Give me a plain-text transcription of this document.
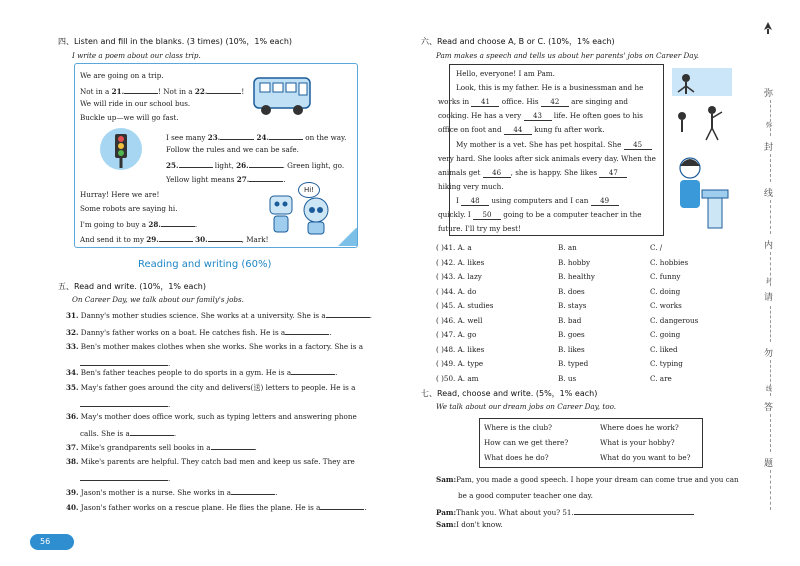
四、Listen and fill in the blanks. (3 times) (10%，1% each)
I write a poem about our class trip.
We are going on a trip.
Not in a 21.	! Not in a 22.	!
We will ride in our school bus.
Buckle up—we will go fast.
I see many 23.	24.	on the way.
Follow the rules and we can be safe.
25.	light, 26.	. Green light, go.
Yellow light means 27.	.
Hurray! Here we are!
Some robots are saying hi.
I'm going to buy a 28.	.
And send it to my 29.	30.	, Mark!
Hi!
Reading and writing (60%)
五、Read and write. (10%，1% each)
On Career Day, we talk about our family's jobs.
31. Danny's mother studies science. She works at a university. She is a	.
32. Danny's father works on a boat. He catches fish. He is a	.
33. Ben's mother makes clothes when she works. She works in a factory. She is a
.
34. Ben's father teaches people to do sports in a gym. He is a	.
35. May's father goes around the city and delivers(送) letters to people. He is a
.
36. May's mother does office work, such as typing letters and answering phone
calls. She is a	.
37. Mike's grandparents sell books in a	.
38. Mike's parents are helpful. They catch bad men and keep us safe. They are
.
39. Jason's mother is a nurse. She works in a	.
40. Jason's father works on a rescue plane. He flies the plane. He is a	.
56
六、Read and choose A, B or C. (10%，1% each)
Pam makes a speech and tells us about her parents' jobs on Career Day.
Hello, everyone! I am Pam.
Look, this is my father. He is a businessman and he
works in 41 office. His 42 are singing and
cooking. He has a very 43 life. He often goes to his
office on foot and 44 kung fu after work.
My mother is a vet. She has pet hospital. She 45
very hard. She looks after sick animals every day. When the
animals get 46 , she is happy. She likes 47
hiking very much.
I 48 using computers and I can 49
quickly. I 50 going to be a computer teacher in the
future. I'll try my best!
( )41. A. a	B. an	C. /
( )42. A. likes	B. hobby	C. hobbies
( )43. A. lazy	B. healthy	C. funny
( )44. A. do	B. does	C. doing
( )45. A. studies	B. stays	C. works
( )46. A. well	B. bad	C. dangerous
( )47. A. go	B. goes	C. going
( )48. A. likes	B. likes	C. liked
( )49. A. type	B. typed	C. typing
( )50. A. am	B. us	C. are
七、Read, choose and write. (5%，1% each)
We talk about our dream jobs on Career Day, too.
Where is the club?	Where does he work?
How can we get there?	What is your hobby?
What does he do?	What do you want to be?
Sam:Pam, you made a good speech. I hope your dream can come true and you can
be a good computer teacher one day.
Pam:Thank you. What about you? 51.
Sam:I don't know.
弥
封
线
内
请
勿
答
题
弥
封
线
